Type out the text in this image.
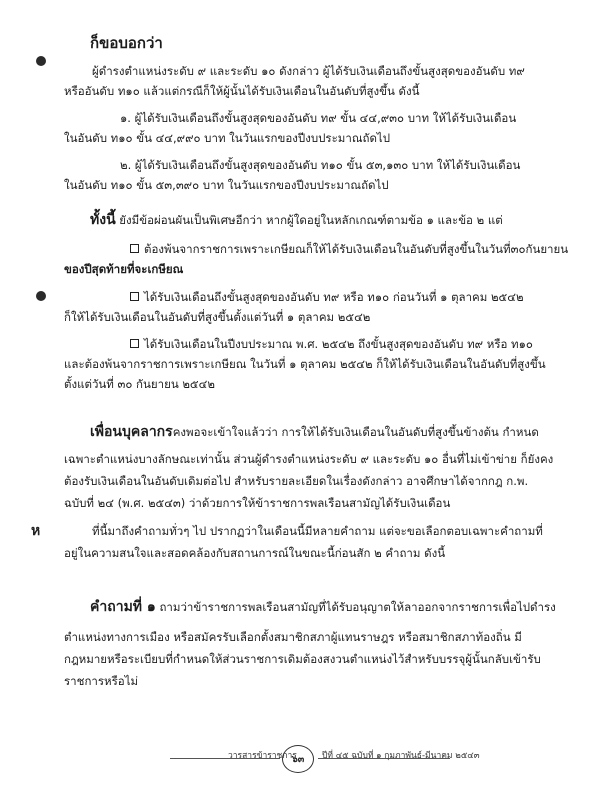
ห
ก็ขอบอกว่า
ผู้ดำรงตำแหน่งระดับ ๙ และระดับ ๑๐ ดังกล่าว ผู้ได้รับเงินเดือนถึงขั้นสูงสุดของอันดับ ท๙
หรืออันดับ ท๑๐ แล้วแต่กรณีก็ให้ผู้นั้นได้รับเงินเดือนในอันดับที่สูงขึ้น ดังนี้
๑. ผู้ได้รับเงินเดือนถึงขั้นสูงสุดของอันดับ ท๙ ขั้น ๔๔,๙๓๐ บาท ให้ได้รับเงินเดือน
ในอันดับ ท๑๐ ขั้น ๔๔,๙๙๐ บาท ในวันแรกของปีงบประมาณถัดไป
๒. ผู้ได้รับเงินเดือนถึงขั้นสูงสุดของอันดับ ท๑๐ ขั้น ๕๓,๑๓๐ บาท ให้ได้รับเงินเดือน
ในอันดับ ท๑๐ ขั้น ๕๓,๓๙๐ บาท ในวันแรกของปีงบประมาณถัดไป
ทั้งนี้ ยังมีข้อผ่อนผันเป็นพิเศษอีกว่า หากผู้ใดอยู่ในหลักเกณฑ์ตามข้อ ๑ และข้อ ๒ แต่
ต้องพ้นจากราชการเพราะเกษียณก็ให้ได้รับเงินเดือนในอันดับที่สูงขึ้นในวันที่๓๐กันยายน
ของปีสุดท้ายที่จะเกษียณ
ได้รับเงินเดือนถึงขั้นสูงสุดของอันดับ ท๙ หรือ ท๑๐ ก่อนวันที่ ๑ ตุลาคม ๒๕๔๒
ก็ให้ได้รับเงินเดือนในอันดับที่สูงขึ้นตั้งแต่วันที่ ๑ ตุลาคม ๒๕๔๒
ได้รับเงินเดือนในปีงบประมาณ พ.ศ. ๒๕๔๒ ถึงขั้นสูงสุดของอันดับ ท๙ หรือ ท๑๐
และต้องพ้นจากราชการเพราะเกษียณ ในวันที่ ๑ ตุลาคม ๒๕๔๒ ก็ให้ได้รับเงินเดือนในอันดับที่สูงขึ้น
ตั้งแต่วันที่ ๓๐ กันยายน ๒๕๔๒
เพื่อนบุคลากรคงพอจะเข้าใจแล้วว่า การให้ได้รับเงินเดือนในอันดับที่สูงขึ้นข้างต้น กำหนด
เฉพาะตำแหน่งบางลักษณะเท่านั้น ส่วนผู้ดำรงตำแหน่งระดับ ๙ และระดับ ๑๐ อื่นที่ไม่เข้าข่าย ก็ยังคง
ต้องรับเงินเดือนในอันดับเดิมต่อไป สำหรับรายละเอียดในเรื่องดังกล่าว อาจศึกษาได้จากกฎ ก.พ.
ฉบับที่ ๒๔ (พ.ศ. ๒๕๔๓) ว่าด้วยการให้ข้าราชการพลเรือนสามัญได้รับเงินเดือน
ที่นี้มาถึงคำถามทั่วๆ ไป ปรากฏว่าในเดือนนี้มีหลายคำถาม แต่จะขอเลือกตอบเฉพาะคำถามที่
อยู่ในความสนใจและสอดคล้องกับสถานการณ์ในขณะนี้ก่อนสัก ๒ คำถาม ดังนี้
คำถามที่ ๑ ถามว่าข้าราชการพลเรือนสามัญที่ได้รับอนุญาตให้ลาออกจากราชการเพื่อไปดำรง
ตำแหน่งทางการเมือง หรือสมัครรับเลือกตั้งสมาชิกสภาผู้แทนราษฎร หรือสมาชิกสภาท้องถิ่น มี
กฎหมายหรือระเบียบที่กำหนดให้ส่วนราชการเดิมต้องสงวนตำแหน่งไว้สำหรับบรรจุผู้นั้นกลับเข้ารับ
ราชการหรือไม่
วารสารข้าราชการ
๖๓	ปีที่ ๔๕ ฉบับที่ ๑ กุมภาพันธ์-มีนาคม ๒๕๔๓
